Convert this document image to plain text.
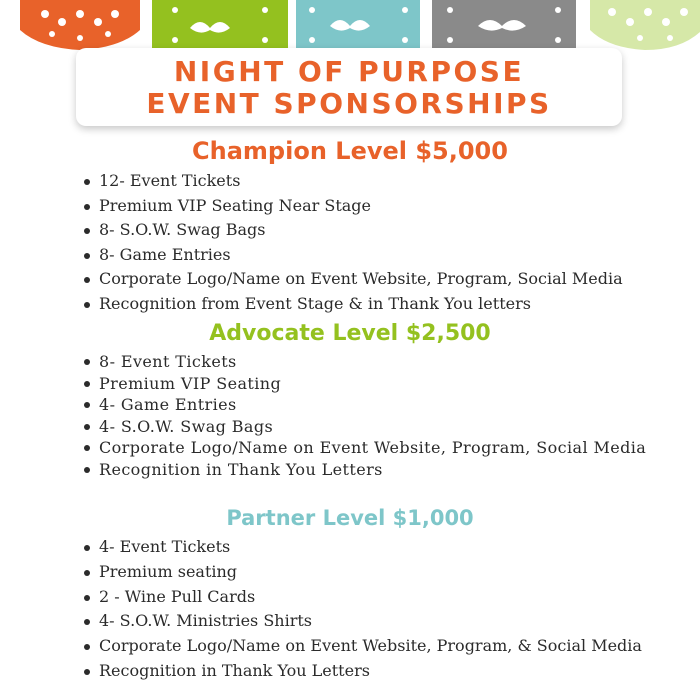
NIGHT OF PURPOSE
EVENT SPONSORSHIPS
Champion Level $5,000
12- Event Tickets
Premium VIP Seating Near Stage
8- S.O.W. Swag Bags
8- Game Entries
Corporate Logo/Name on Event Website, Program, Social Media
Recognition from Event Stage & in Thank You letters
Advocate Level $2,500
8- Event Tickets
Premium VIP Seating
4- Game Entries
4- S.O.W. Swag Bags
Corporate Logo/Name on Event Website, Program, Social Media
Recognition in Thank You Letters
Partner Level $1,000
4- Event Tickets
Premium seating
2 - Wine Pull Cards
4- S.O.W. Ministries Shirts
Corporate Logo/Name on Event Website, Program, & Social Media
Recognition in Thank You Letters
